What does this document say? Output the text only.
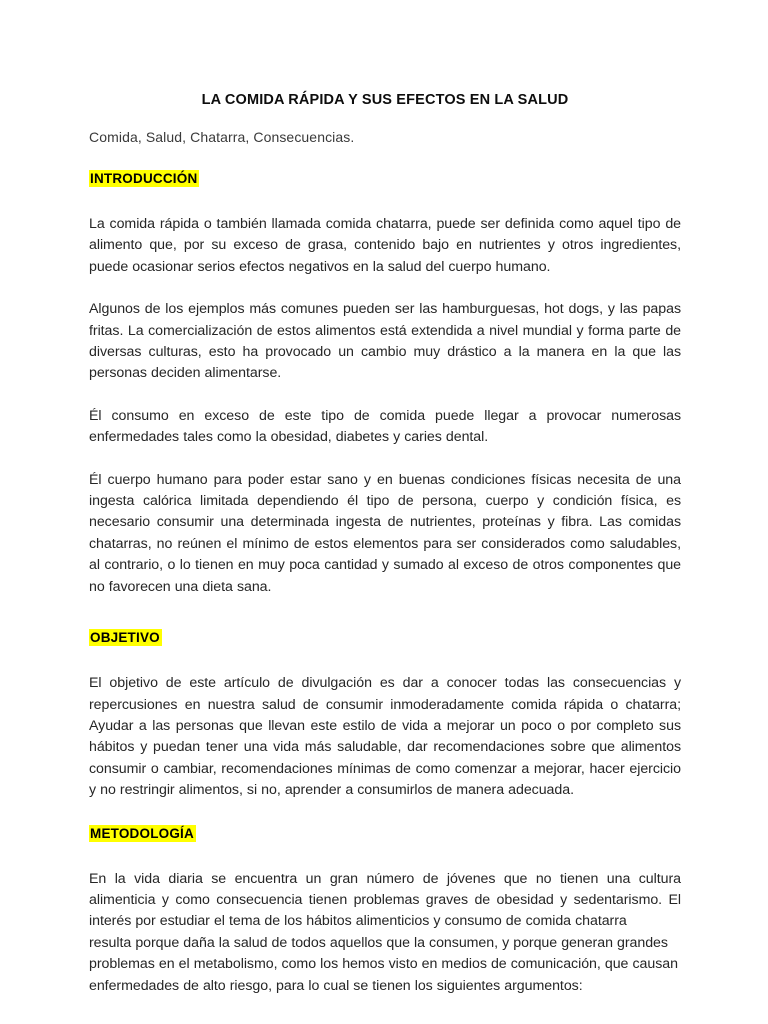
LA COMIDA RÁPIDA Y SUS EFECTOS EN LA SALUD

Comida, Salud, Chatarra, Consecuencias.

INTRODUCCIÓN

La comida rápida o también llamada comida chatarra, puede ser definida como aquel tipo de alimento que, por su exceso de grasa, contenido bajo en nutrientes y otros ingredientes, puede ocasionar serios efectos negativos en la salud del cuerpo humano.

Algunos de los ejemplos más comunes pueden ser las hamburguesas, hot dogs, y las papas fritas. La comercialización de estos alimentos está extendida a nivel mundial y forma parte de diversas culturas, esto ha provocado un cambio muy drástico a la manera en la que las personas deciden alimentarse.

Él consumo en exceso de este tipo de comida puede llegar a provocar numerosas enfermedades tales como la obesidad, diabetes y caries dental.

Él cuerpo humano para poder estar sano y en buenas condiciones físicas necesita de una ingesta calórica limitada dependiendo él tipo de persona, cuerpo y condición física, es necesario consumir una determinada ingesta de nutrientes, proteínas y fibra. Las comidas chatarras, no reúnen el mínimo de estos elementos para ser considerados como saludables, al contrario, o lo tienen en muy poca cantidad y sumado al exceso de otros componentes que no favorecen una dieta sana.

OBJETIVO

El objetivo de este artículo de divulgación es dar a conocer todas las consecuencias y repercusiones en nuestra salud de consumir inmoderadamente comida rápida o chatarra; Ayudar a las personas que llevan este estilo de vida a mejorar un poco o por completo sus hábitos y puedan tener una vida más saludable, dar recomendaciones sobre que alimentos consumir o cambiar, recomendaciones mínimas de como comenzar a mejorar, hacer ejercicio y no restringir alimentos, si no, aprender a consumirlos de manera adecuada.

METODOLOGÍA

En la vida diaria se encuentra un gran número de jóvenes que no tienen una cultura alimenticia y como consecuencia tienen problemas graves de obesidad y sedentarismo. El interés por estudiar el tema de los hábitos alimenticios y consumo de comida chatarra

resulta porque daña la salud de todos aquellos que la consumen, y porque generan grandes problemas en el metabolismo, como los hemos visto en medios de comunicación, que causan enfermedades de alto riesgo, para lo cual se tienen los siguientes argumentos:
